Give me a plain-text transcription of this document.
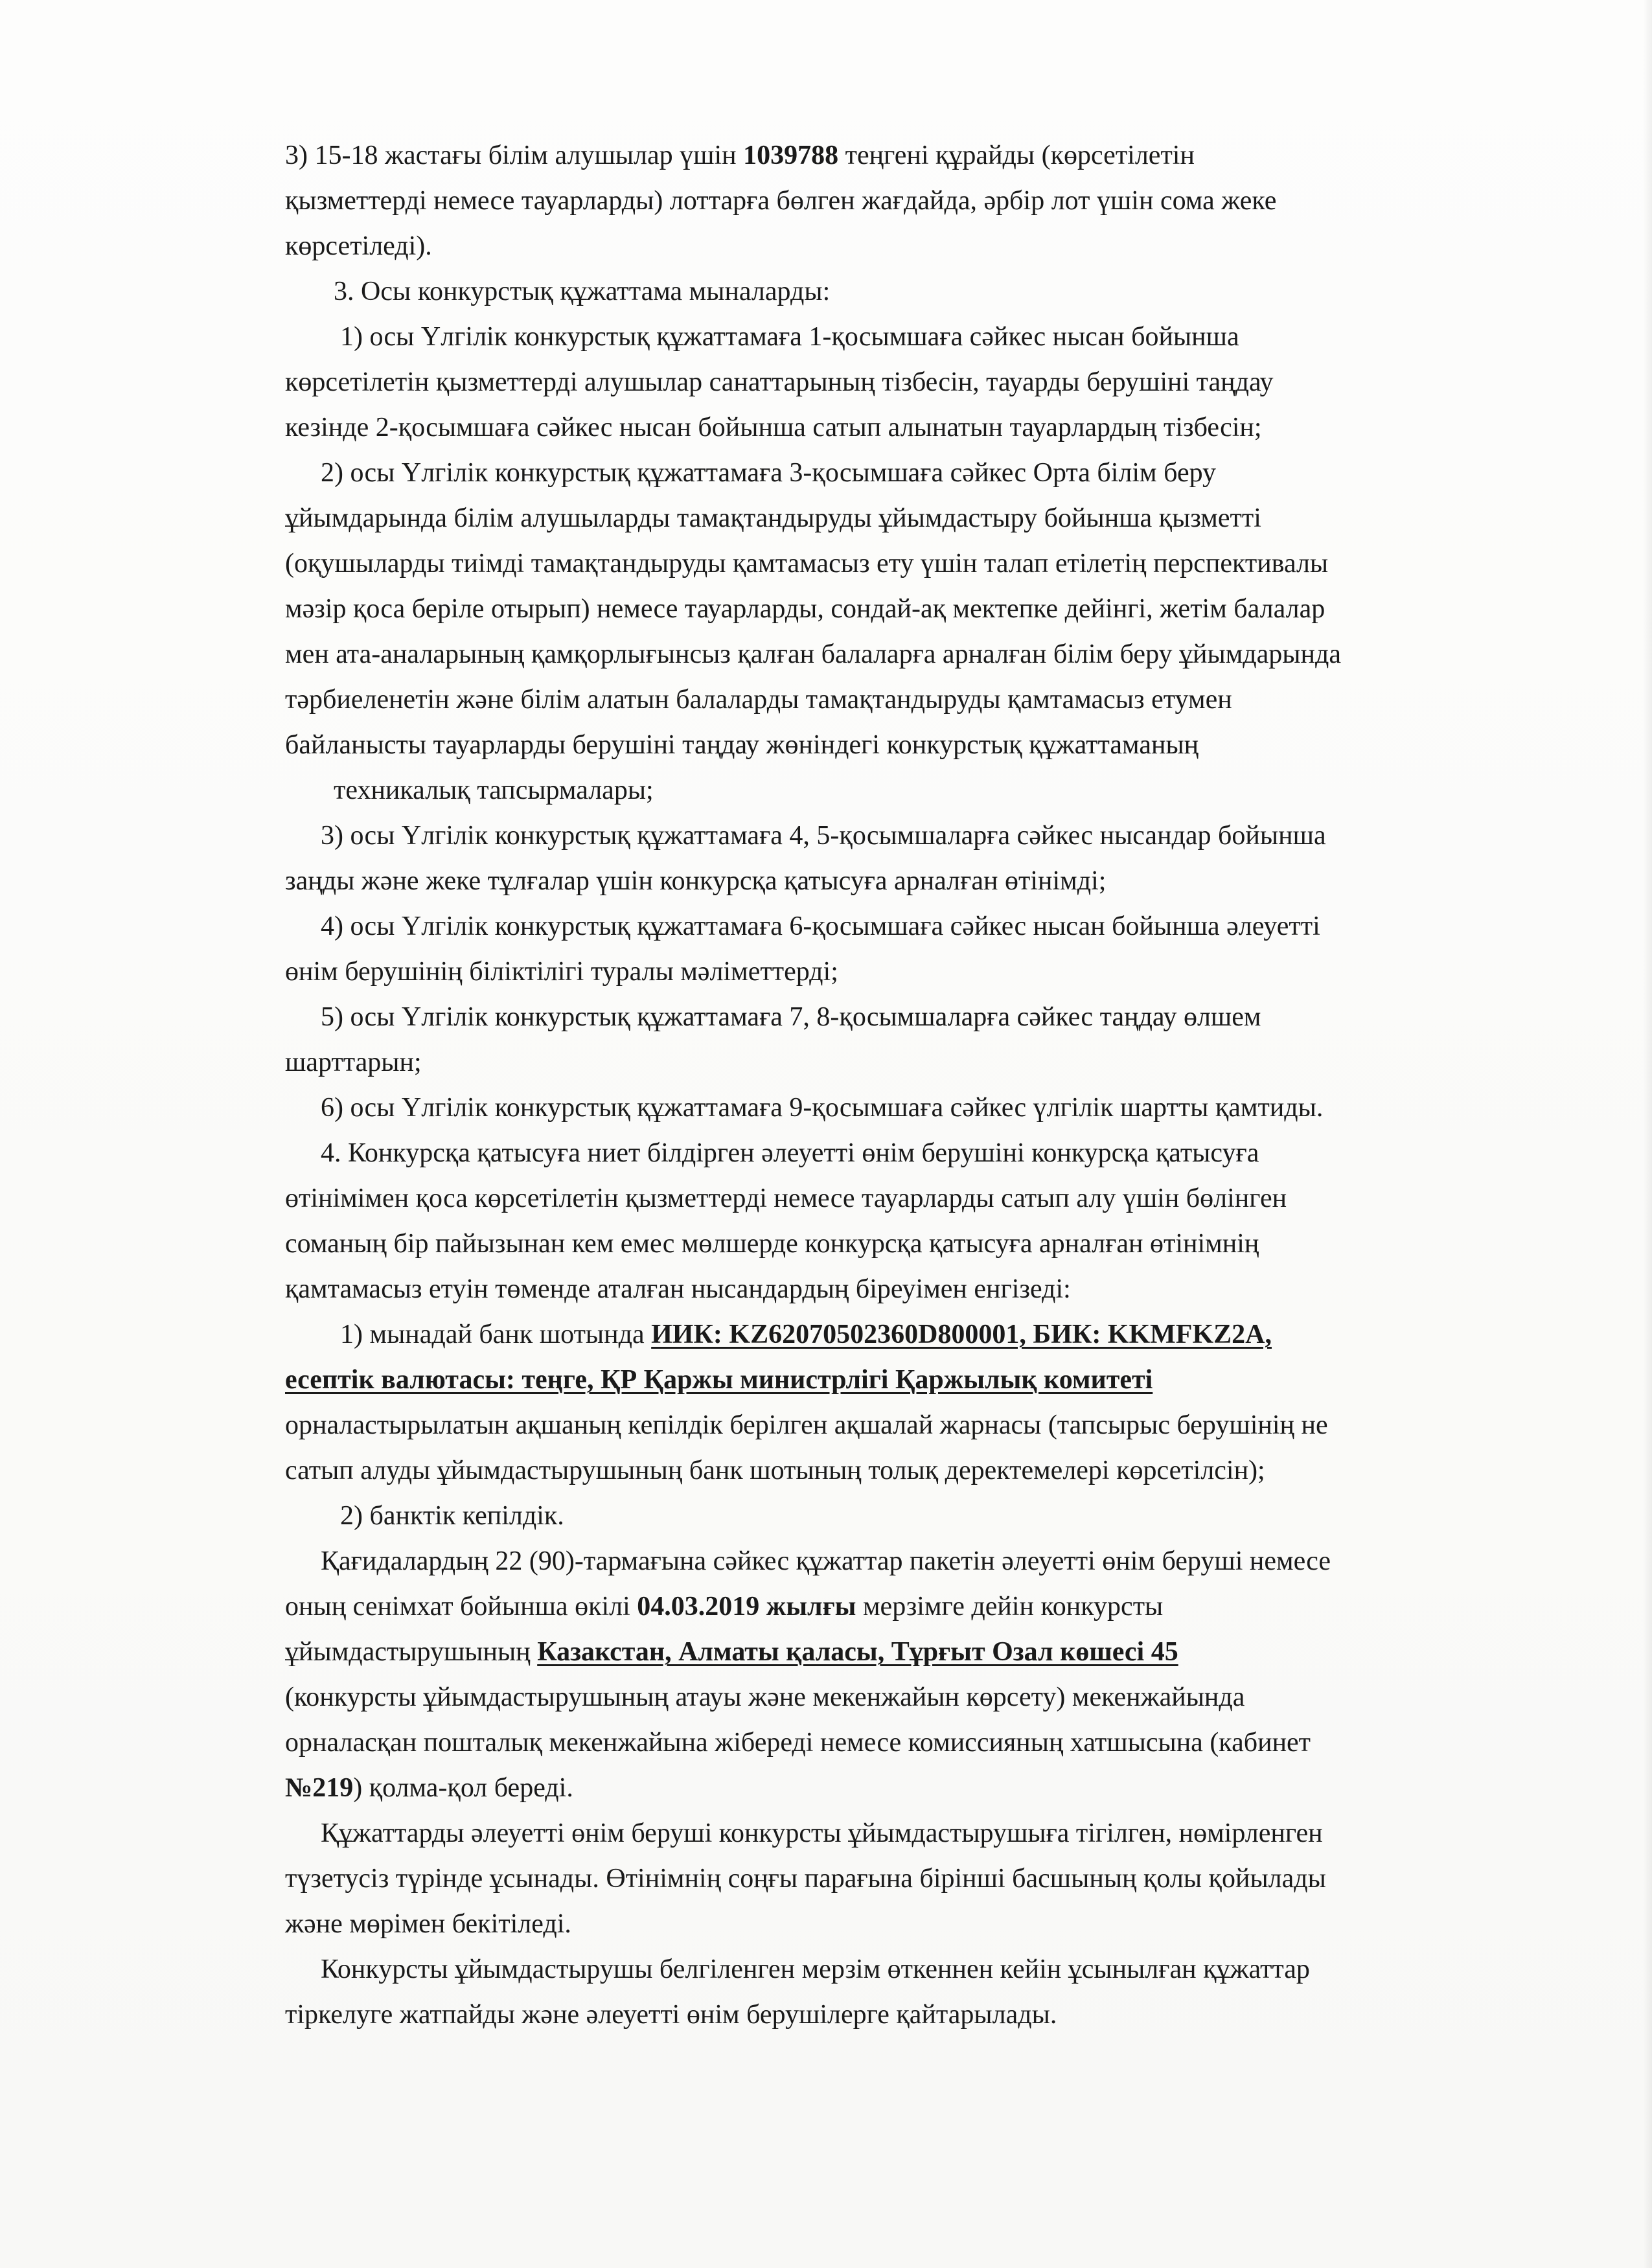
3) 15-18 жастағы білім алушылар үшін 1039788 теңгені құрайды (көрсетілетін
қызметтерді немесе тауарларды) лоттарға бөлген жағдайда, әрбір лот үшін сома жеке
көрсетіледі).
3. Осы конкурстық құжаттама мыналарды:
1) осы Үлгілік конкурстық құжаттамаға 1-қосымшаға сәйкес нысан бойынша
көрсетілетін қызметтерді алушылар санаттарының тізбесін, тауарды берушіні таңдау
кезінде 2-қосымшаға сәйкес нысан бойынша сатып алынатын тауарлардың тізбесін;
2) осы Үлгілік конкурстық құжаттамаға 3-қосымшаға сәйкес Орта білім беру
ұйымдарында білім алушыларды тамақтандыруды ұйымдастыру бойынша қызметті
(оқушыларды тиімді тамақтандыруды қамтамасыз ету үшін талап етілетің перспективалы
мәзір қоса беріле отырып) немесе тауарларды, сондай-ақ мектепке дейінгі, жетім балалар
мен ата-аналарының қамқорлығынсыз қалған балаларға арналған білім беру ұйымдарында
тәрбиеленетін және білім алатын балаларды тамақтандыруды қамтамасыз етумен
байланысты тауарларды берушіні таңдау жөніндегі конкурстық құжаттаманың
техникалық тапсырмалары;
3) осы Үлгілік конкурстық құжаттамаға 4, 5-қосымшаларға сәйкес нысандар бойынша
заңды және жеке тұлғалар үшін конкурсқа қатысуға арналған өтінімді;
4) осы Үлгілік конкурстық құжаттамаға 6-қосымшаға сәйкес нысан бойынша әлеуетті
өнім берушінің біліктілігі туралы мәліметтерді;
5) осы Үлгілік конкурстық құжаттамаға 7, 8-қосымшаларға сәйкес таңдау өлшем
шарттарын;
6) осы Үлгілік конкурстық құжаттамаға 9-қосымшаға сәйкес үлгілік шартты қамтиды.
4. Конкурсқа қатысуға ниет білдірген әлеуетті өнім берушіні конкурсқа қатысуға
өтінімімен қоса көрсетілетін қызметтерді немесе тауарларды сатып алу үшін бөлінген
соманың бір пайызынан кем емес мөлшерде конкурсқа қатысуға арналған өтінімнің
қамтамасыз етуін төменде аталған нысандардың біреуімен енгізеді:
1) мынадай банк шотында ИИК: KZ62070502360D800001, БИК: KKMFKZ2A,
есептік валютасы: теңге, ҚР Қаржы министрлігі Қаржылық комитеті
орналастырылатын ақшаның кепілдік берілген ақшалай жарнасы (тапсырыс берушінің не
сатып алуды ұйымдастырушының банк шотының толық деректемелері көрсетілсін);
2) банктік кепілдік.
Қағидалардың 22 (90)-тармағына сәйкес құжаттар пакетін әлеуетті өнім беруші немесе
оның сенімхат бойынша өкілі 04.03.2019 жылғы мерзімге дейін конкурсты
ұйымдастырушының Казакстан, Алматы қаласы, Тұрғыт Озал көшесі 45
(конкурсты ұйымдастырушының атауы және мекенжайын көрсету) мекенжайында
орналасқан пошталық мекенжайына жібереді немесе комиссияның хатшысына (кабинет
№219) қолма-қол береді.
Құжаттарды әлеуетті өнім беруші конкурсты ұйымдастырушыға тігілген, нөмірленген
түзетусіз түрінде ұсынады. Өтінімнің соңғы парағына бірінші басшының қолы қойылады
және мөрімен бекітіледі.
Конкурсты ұйымдастырушы белгіленген мерзім өткеннен кейін ұсынылған құжаттар
тіркелуге жатпайды және әлеуетті өнім берушілерге қайтарылады.
